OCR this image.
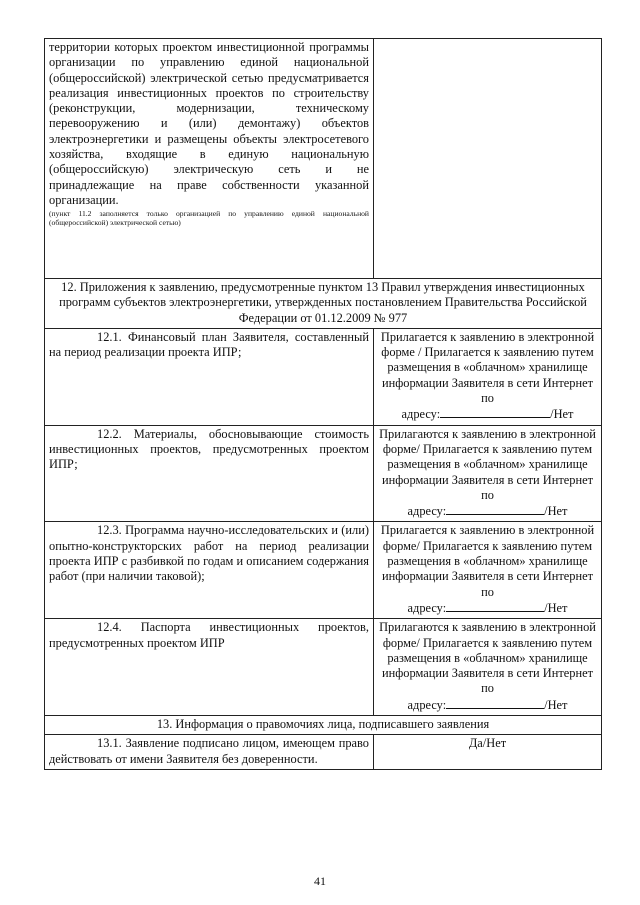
территории которых проектом инвестиционной программы организации по управлению единой национальной (общероссийской) электрической сетью предусматривается реализация инвестиционных проектов по строительству (реконструкции, модернизации, техническому перевооружению и (или) демонтажу) объектов электроэнергетики и размещены объекты электросетевого хозяйства, входящие в единую национальную (общероссийскую) электрическую сеть и не принадлежащие на праве собственности указанной организации.
(пункт 11.2 заполняется только организацией по управлению единой национальной (общероссийской) электрической сетью)	

12. Приложения к заявлению, предусмотренные пунктом 13 Правил утверждения инвестиционных программ субъектов электроэнергетики, утвержденных постановлением Правительства Российской Федерации от 01.12.2009 № 977	

12.1. Финансовый план Заявителя, составленный на период реализации проекта ИПР;	Прилагается к заявлению в электронной форме / Прилагается к заявлению путем размещения в «облачном» хранилище информации Заявителя в сети Интернет по
адресу: /Нет

12.2. Материалы, обосновывающие стоимость инвестиционных проектов, предусмотренных проектом ИПР;	Прилагаются к заявлению в электронной форме/ Прилагается к заявлению путем размещения в «облачном» хранилище информации Заявителя в сети Интернет по
адресу: /Нет

12.3. Программа научно-исследовательских и (или) опытно-конструкторских работ на период реализации проекта ИПР с разбивкой по годам и описанием содержания работ (при наличии таковой);	Прилагается к заявлению в электронной форме/ Прилагается к заявлению путем размещения в «облачном» хранилище информации Заявителя в сети Интернет по
адресу: /Нет

12.4. Паспорта инвестиционных проектов, предусмотренных проектом ИПР	Прилагаются к заявлению в электронной форме/ Прилагается к заявлению путем размещения в «облачном» хранилище информации Заявителя в сети Интернет по
адресу: /Нет
13. Информация о правомочиях лица, подписавшего заявления	

13.1. Заявление подписано лицом, имеющем право действовать от имени Заявителя без доверенности.	Да/Нет
41
